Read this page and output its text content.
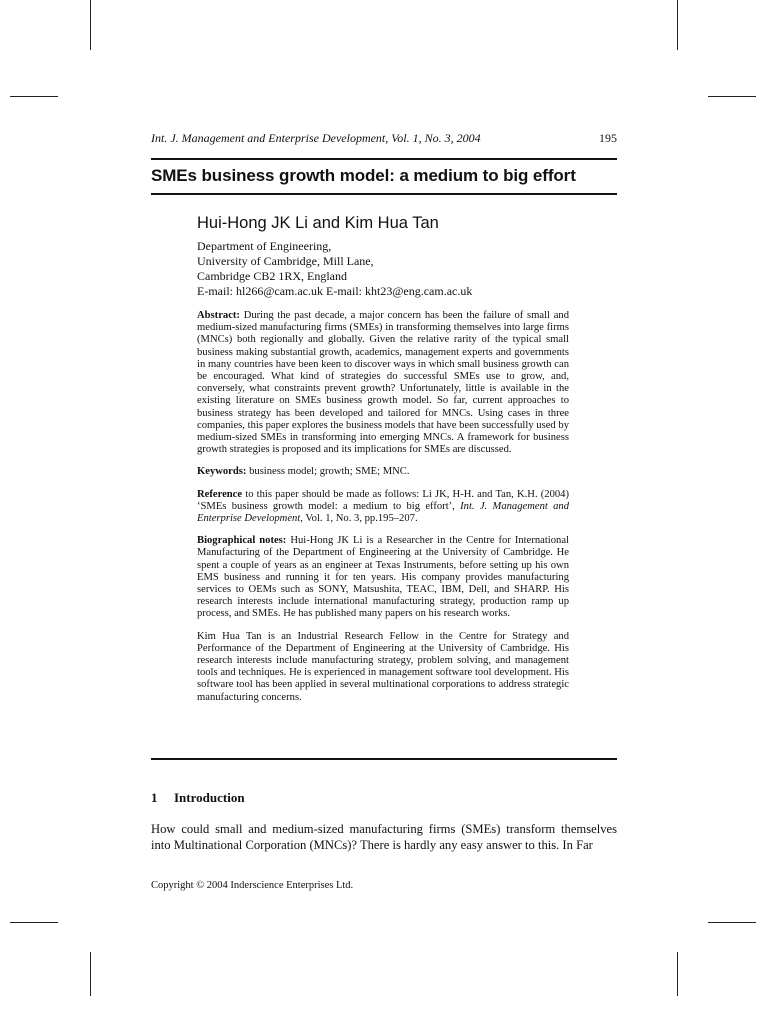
Int. J. Management and Enterprise Development, Vol. 1, No. 3, 2004	195
SMEs business growth model: a medium to big effort
Hui-Hong JK Li and Kim Hua Tan
Department of Engineering,
University of Cambridge, Mill Lane,
Cambridge CB2 1RX, England
E-mail: hl266@cam.ac.uk E-mail: kht23@eng.cam.ac.uk

Abstract: During the past decade, a major concern has been the failure of small and medium-sized manufacturing firms (SMEs) in transforming themselves into large firms (MNCs) both regionally and globally. Given the relative rarity of the typical small business making substantial growth, academics, management experts and governments in many countries have been keen to discover ways in which small business growth can be encouraged. What kind of strategies do successful SMEs use to grow, and, conversely, what constraints prevent growth? Unfortunately, little is available in the existing literature on SMEs business growth model. So far, current approaches to business strategy has been developed and tailored for MNCs. Using cases in three companies, this paper explores the business models that have been successfully used by medium-sized SMEs in transforming into emerging MNCs. A framework for business growth strategies is proposed and its implications for SMEs are discussed.

Keywords: business model; growth; SME; MNC.

Reference to this paper should be made as follows: Li JK, H-H. and Tan, K.H. (2004) ‘SMEs business growth model: a medium to big effort’, Int. J. Management and Enterprise Development, Vol. 1, No. 3, pp.195–207.

Biographical notes: Hui-Hong JK Li is a Researcher in the Centre for International Manufacturing of the Department of Engineering at the University of Cambridge. He spent a couple of years as an engineer at Texas Instruments, before setting up his own EMS business and running it for ten years. His company provides manufacturing services to OEMs such as SONY, Matsushita, TEAC, IBM, Dell, and SHARP. His research interests include international manufacturing strategy, production ramp up process, and SMEs. He has published many papers on his research works.

Kim Hua Tan is an Industrial Research Fellow in the Centre for Strategy and Performance of the Department of Engineering at the University of Cambridge. His research interests include manufacturing strategy, problem solving, and management tools and techniques. He is experienced in management software tool development. His software tool has been applied in several multinational corporations to address strategic manufacturing concerns.

1 Introduction
How could small and medium-sized manufacturing firms (SMEs) transform themselves
into Multinational Corporation (MNCs)? There is hardly any easy answer to this. In Far
Copyright © 2004 Inderscience Enterprises Ltd.
